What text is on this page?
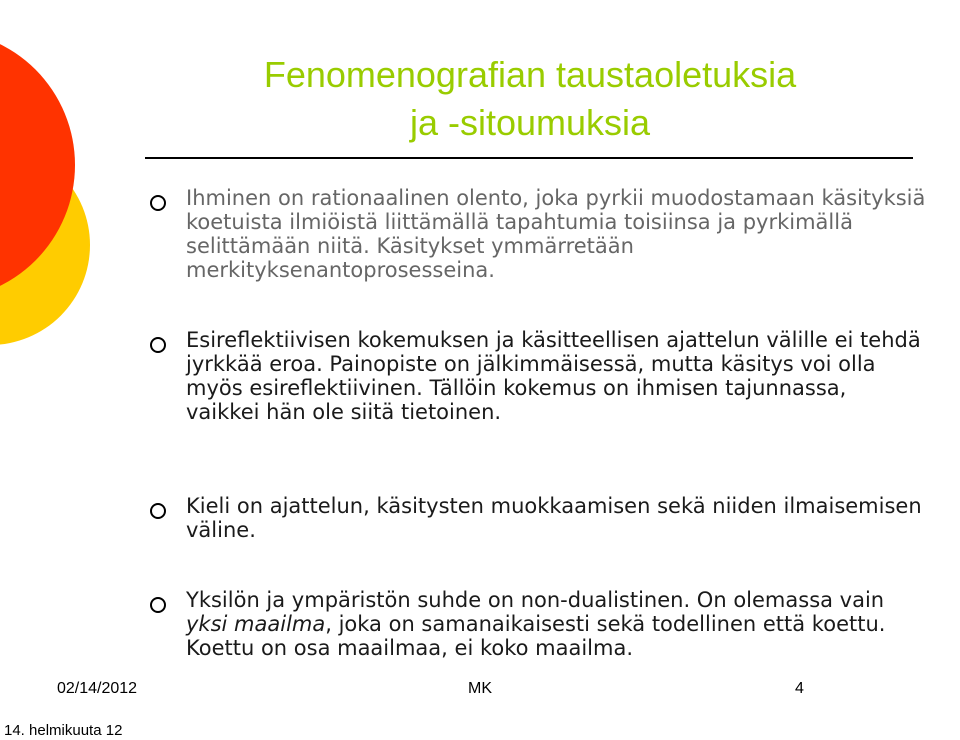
Fenomenografian taustaoletuksia
ja -sitoumuksia
Ihminen on rationaalinen olento, joka pyrkii muodostamaan käsityksiä koetuista ilmiöistä liittämällä tapahtumia toisiinsa ja pyrkimällä selittämään niitä. Käsitykset ymmärretään merkityksenantoprosesseina.
Esireflektiivisen kokemuksen ja käsitteellisen ajattelun välille ei tehdä jyrkkää eroa. Painopiste on jälkimmäisessä, mutta käsitys voi olla myös esireflektiivinen. Tällöin kokemus on ihmisen tajunnassa, vaikkei hän ole siitä tietoinen.
Kieli on ajattelun, käsitysten muokkaamisen sekä niiden ilmaisemisen väline.
Yksilön ja ympäristön suhde on non-dualistinen. On olemassa vain yksi maailma, joka on samanaikaisesti sekä todellinen että koettu. Koettu on osa maailmaa, ei koko maailma.
02/14/2012	MK	4
14. helmikuuta 12
